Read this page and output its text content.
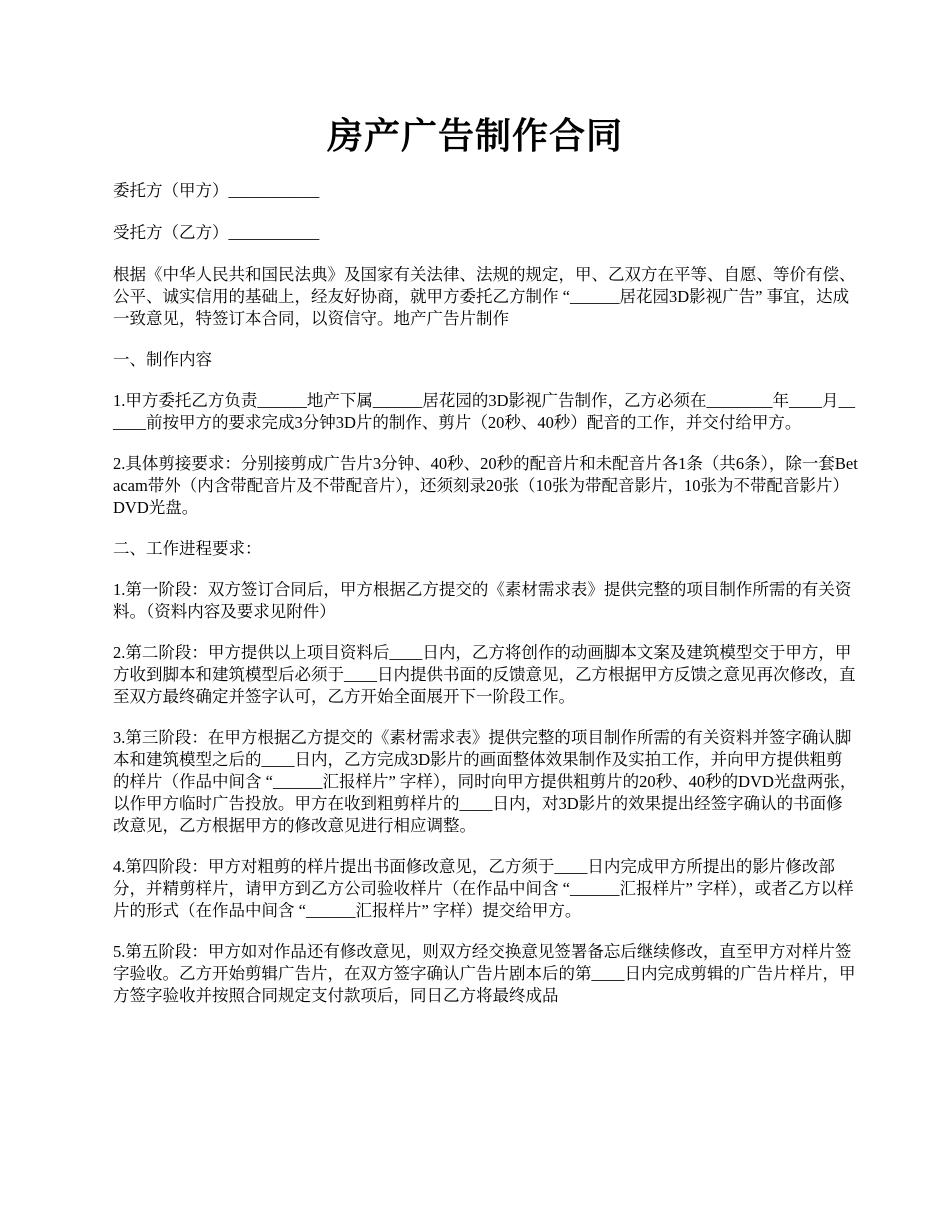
房产广告制作合同

委托方（甲方）___________

受托方（乙方）___________

根据《中华人民共和国民法典》及国家有关法律、法规的规定，甲、乙双方在平等、自愿、等价有偿、公平、诚实信用的基础上，经友好协商，就甲方委托乙方制作 “______居花园3D影视广告” 事宜，达成一致意见，特签订本合同，以资信守。地产广告片制作

一、制作内容

1.甲方委托乙方负责______地产下属______居花园的3D影视广告制作，乙方必须在________年____月______前按甲方的要求完成3分钟3D片的制作、剪片（20秒、40秒）配音的工作，并交付给甲方。

2.具体剪接要求：分别接剪成广告片3分钟、40秒、20秒的配音片和未配音片各1条（共6条），除一套Betacam带外（内含带配音片及不带配音片），还须刻录20张（10张为带配音影片，10张为不带配音影片）DVD光盘。

二、工作进程要求：

1.第一阶段：双方签订合同后，甲方根据乙方提交的《素材需求表》提供完整的项目制作所需的有关资料。（资料内容及要求见附件）

2.第二阶段：甲方提供以上项目资料后____日内，乙方将创作的动画脚本文案及建筑模型交于甲方，甲方收到脚本和建筑模型后必须于____日内提供书面的反馈意见，乙方根据甲方反馈之意见再次修改，直至双方最终确定并签字认可，乙方开始全面展开下一阶段工作。

3.第三阶段：在甲方根据乙方提交的《素材需求表》提供完整的项目制作所需的有关资料并签字确认脚本和建筑模型之后的____日内，乙方完成3D影片的画面整体效果制作及实拍工作，并向甲方提供粗剪的样片（作品中间含 “______汇报样片” 字样），同时向甲方提供粗剪片的20秒、40秒的DVD光盘两张，以作甲方临时广告投放。甲方在收到粗剪样片的____日内，对3D影片的效果提出经签字确认的书面修改意见，乙方根据甲方的修改意见进行相应调整。

4.第四阶段：甲方对粗剪的样片提出书面修改意见，乙方须于____日内完成甲方所提出的影片修改部分，并精剪样片，请甲方到乙方公司验收样片（在作品中间含 “______汇报样片” 字样），或者乙方以样片的形式（在作品中间含 “______汇报样片” 字样）提交给甲方。

5.第五阶段：甲方如对作品还有修改意见，则双方经交换意见签署备忘后继续修改，直至甲方对样片签字验收。乙方开始剪辑广告片，在双方签字确认广告片剧本后的第____日内完成剪辑的广告片样片，甲方签字验收并按照合同规定支付款项后，同日乙方将最终成品
